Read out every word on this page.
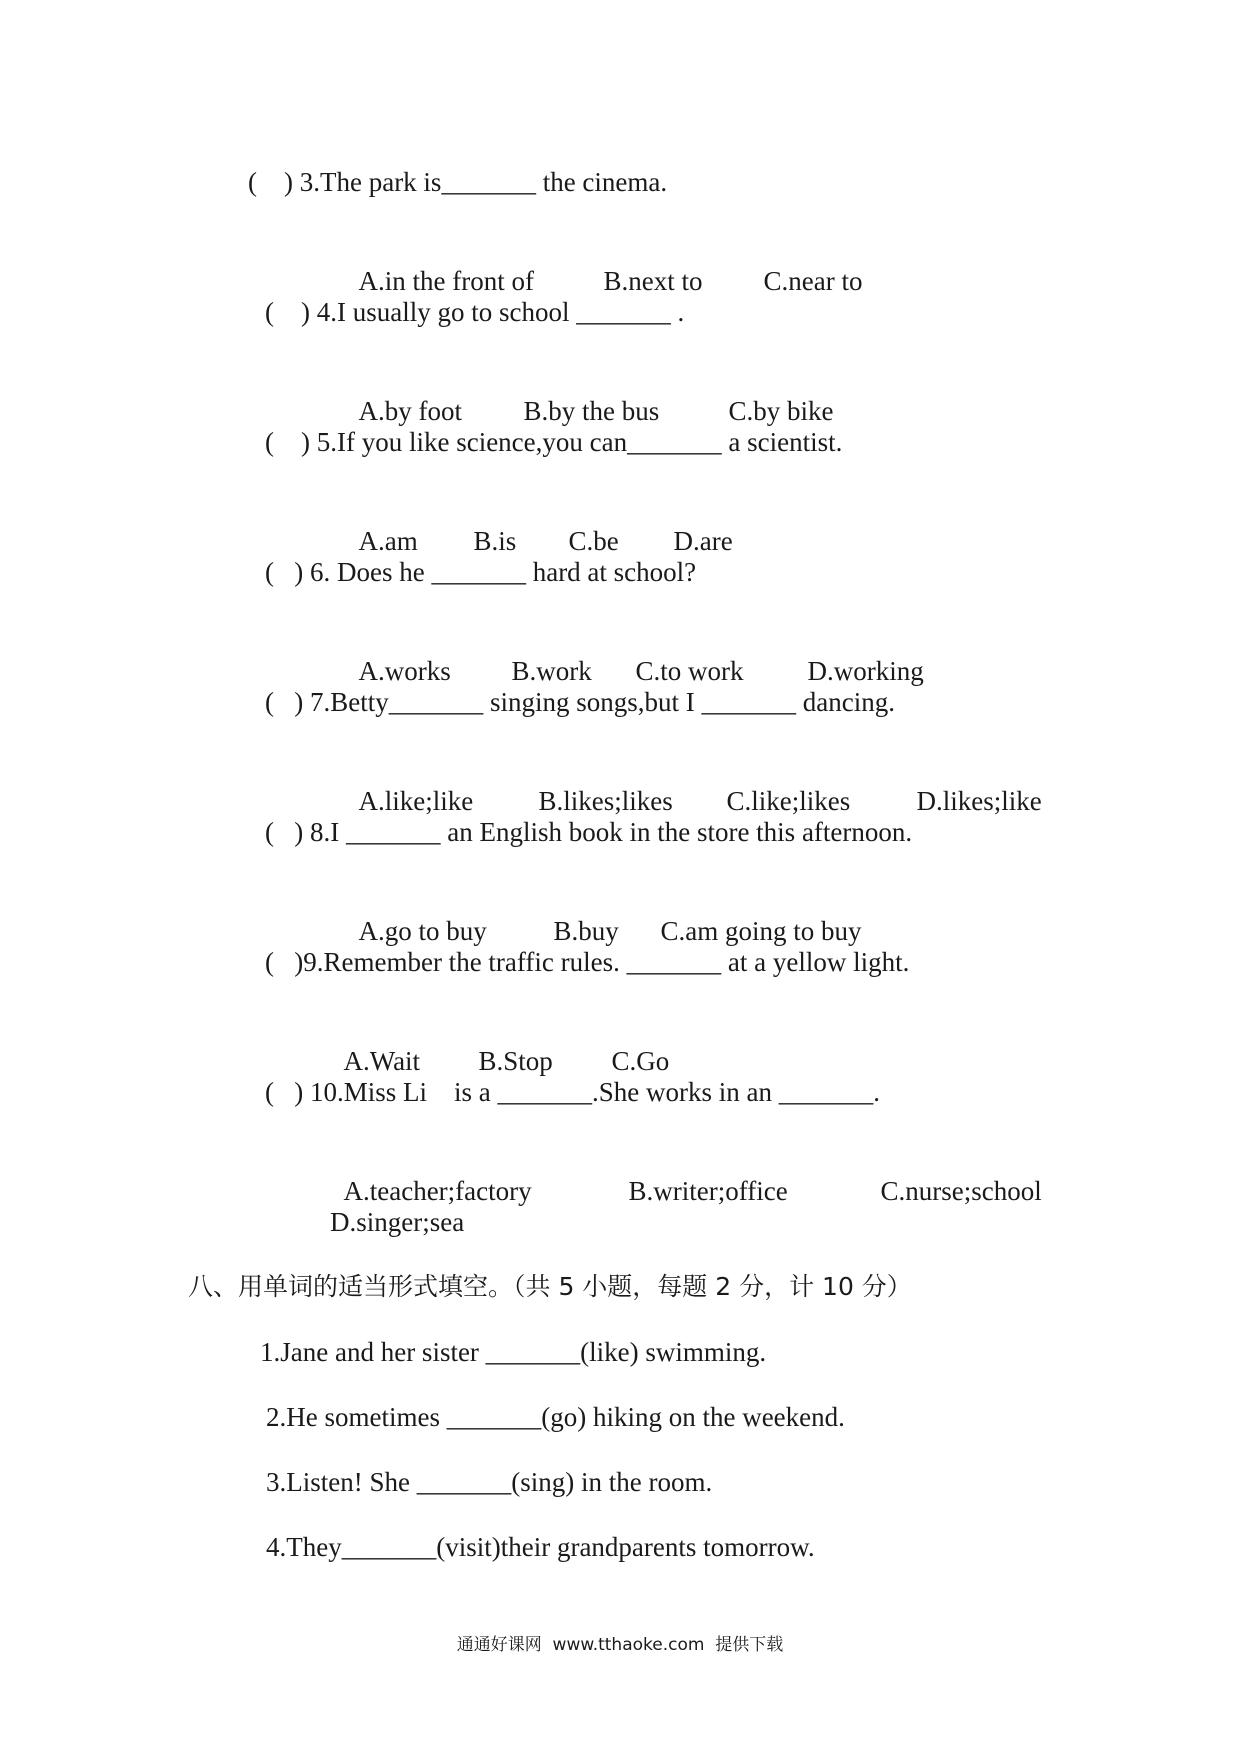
(    ) 3.The park is_______ the cinema.

A.in the front of	B.next to C.near to

(    ) 4.I usually go to school _______ .

A.by foot B.by the bus	C.by bike

(    ) 5.If you like science,you can_______ a scientist.

A.am B.is C.be D.are

(   ) 6. Does he _______ hard at school?

A.works B.work C.to work D.working

(   ) 7.Betty_______ singing songs,but I _______ dancing.

A.like;like B.likes;likes C.like;likes D.likes;like

(   ) 8.I _______ an English book in the store this afternoon.

A.go to buy B.buy C.am going to buy

(   )9.Remember the traffic rules. _______ at a yellow light.

A.Wait B.Stop C.Go

(   ) 10.Miss Li    is a _______.She works in an _______.

A.teacher;factory	B.writer;office	C.nurse;school

D.singer;sea
八、用单词的适当形式填空。（共 5 小题，每题 2 分，计 10 分）
1.Jane and her sister _______(like) swimming.
2.He sometimes _______(go) hiking on the weekend.
3.Listen! She _______(sing) in the room.
4.They_______(visit)their grandparents tomorrow.
通通好课网  www.tthaoke.com  提供下载
